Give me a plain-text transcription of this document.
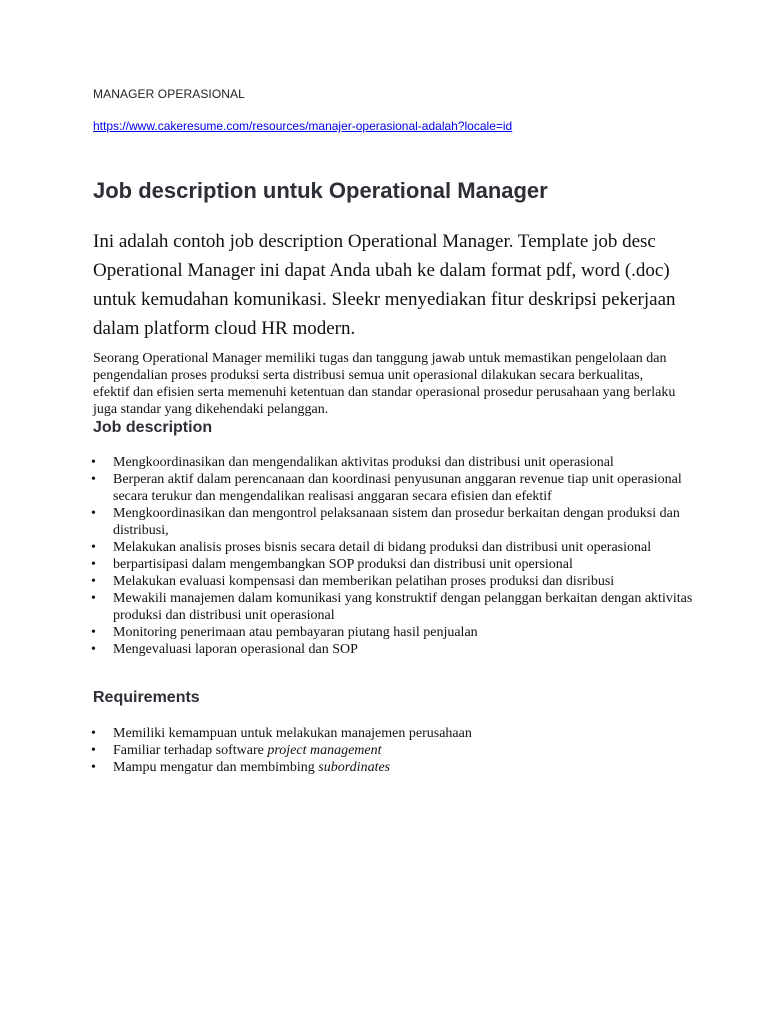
MANAGER OPERASIONAL
https://www.cakeresume.com/resources/manajer-operasional-adalah?locale=id
Job description untuk Operational Manager

Ini adalah contoh job description Operational Manager. Template job desc Operational Manager ini dapat Anda ubah ke dalam format pdf, word (.doc) untuk kemudahan komunikasi. Sleekr menyediakan fitur deskripsi pekerjaan dalam platform cloud HR modern.

Seorang Operational Manager memiliki tugas dan tanggung jawab untuk memastikan pengelolaan dan pengendalian proses produksi serta distribusi semua unit operasional dilakukan secara berkualitas, efektif dan efisien serta memenuhi ketentuan dan standar operasional prosedur perusahaan yang berlaku juga standar yang dikehendaki pelanggan.

Job description
• Mengkoordinasikan dan mengendalikan aktivitas produksi dan distribusi unit operasional
• Berperan aktif dalam perencanaan dan koordinasi penyusunan anggaran revenue tiap unit operasional secara terukur dan mengendalikan realisasi anggaran secara efisien dan efektif
• Mengkoordinasikan dan mengontrol pelaksanaan sistem dan prosedur berkaitan dengan produksi dan distribusi,
• Melakukan analisis proses bisnis secara detail di bidang produksi dan distribusi unit operasional
• berpartisipasi dalam mengembangkan SOP produksi dan distribusi unit opersional
• Melakukan evaluasi kompensasi dan memberikan pelatihan proses produksi dan disribusi
• Mewakili manajemen dalam komunikasi yang konstruktif dengan pelanggan berkaitan dengan aktivitas produksi dan distribusi unit operasional
• Monitoring penerimaan atau pembayaran piutang hasil penjualan
• Mengevaluasi laporan operasional dan SOP
Requirements
• Memiliki kemampuan untuk melakukan manajemen perusahaan
• Familiar terhadap software project management
• Mampu mengatur dan membimbing subordinates
